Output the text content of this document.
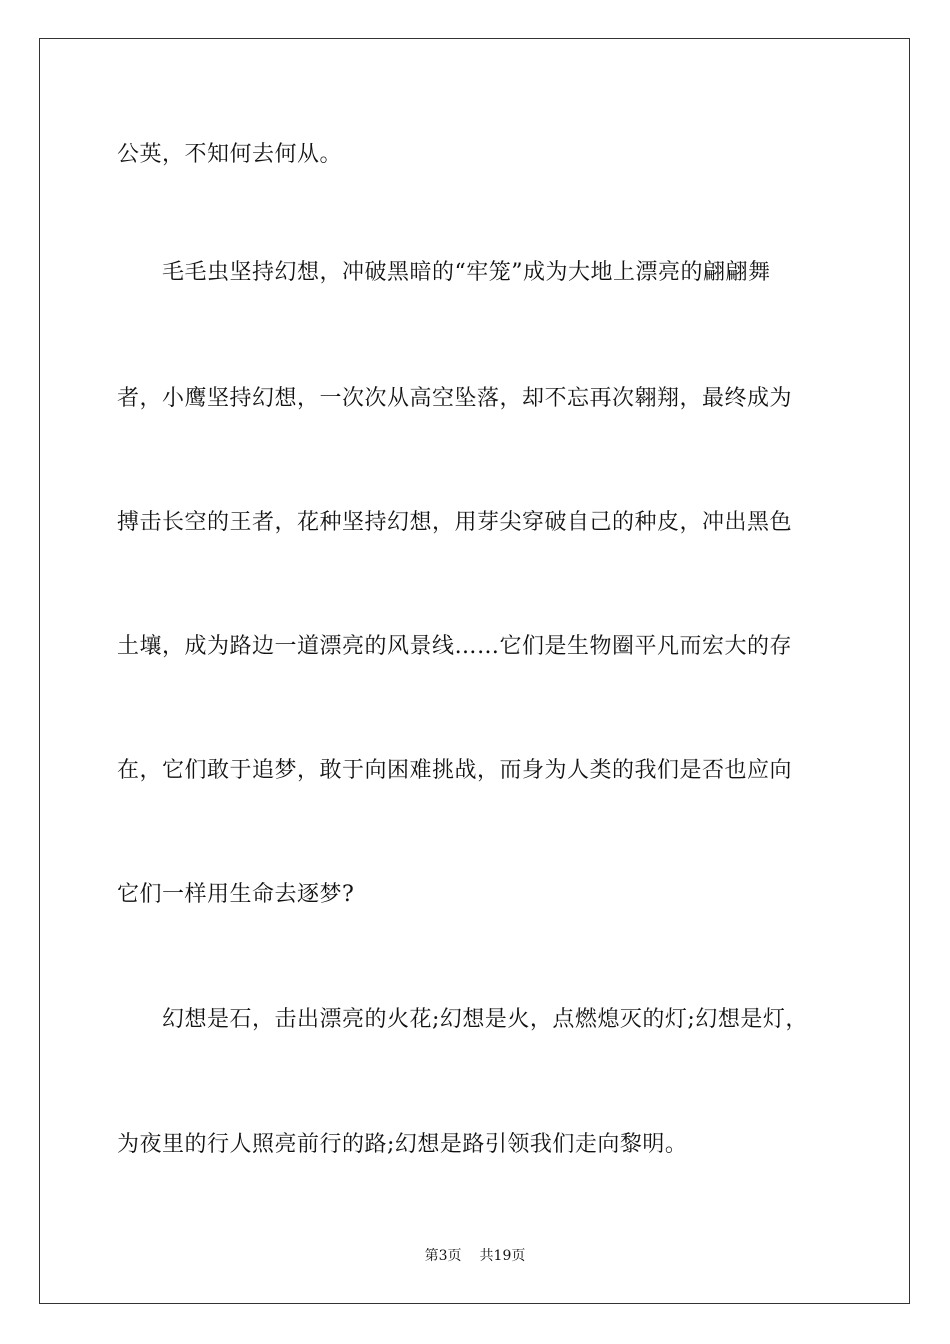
公英，不知何去何从。
　　毛毛虫坚持幻想，冲破黑暗的“牢笼”成为大地上漂亮的翩翩舞
者，小鹰坚持幻想，一次次从高空坠落，却不忘再次翱翔，最终成为
搏击长空的王者，花种坚持幻想，用芽尖穿破自己的种皮，冲出黑色
土壤，成为路边一道漂亮的风景线……它们是生物圈平凡而宏大的存
在，它们敢于追梦，敢于向困难挑战，而身为人类的我们是否也应向
它们一样用生命去逐梦?
　　幻想是石，击出漂亮的火花;幻想是火，点燃熄灭的灯;幻想是灯，
为夜里的行人照亮前行的路;幻想是路引领我们走向黎明。
第3页 共19页
